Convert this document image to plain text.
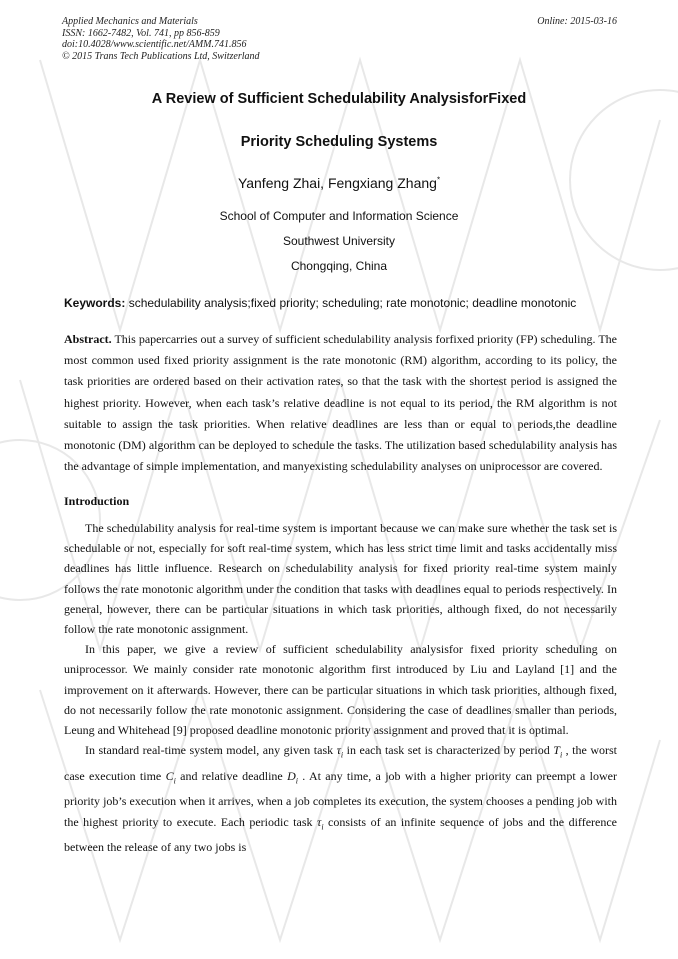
Applied Mechanics and Materials
ISSN: 1662-7482, Vol. 741, pp 856-859
doi:10.4028/www.scientific.net/AMM.741.856
© 2015 Trans Tech Publications Ltd, Switzerland
Online: 2015-03-16
A Review of Sufficient Schedulability AnalysisforFixed
Priority Scheduling Systems
Yanfeng Zhai, Fengxiang Zhang*
School of Computer and Information Science
Southwest University
Chongqing, China
Keywords: schedulability analysis;fixed priority; scheduling; rate monotonic; deadline monotonic
Abstract. This papercarries out a survey of sufficient schedulability analysis forfixed priority (FP) scheduling. The most common used fixed priority assignment is the rate monotonic (RM) algorithm, according to its policy, the task priorities are ordered based on their activation rates, so that the task with the shortest period is assigned the highest priority. However, when each task’s relative deadline is not equal to its period, the RM algorithm is not suitable to assign the task priorities. When relative deadlines are less than or equal to periods,the deadline monotonic (DM) algorithm can be deployed to schedule the tasks. The utilization based schedulability analysis has the advantage of simple implementation, and manyexisting schedulability analyses on uniprocessor are covered.
Introduction

The schedulability analysis for real-time system is important because we can make sure whether the task set is schedulable or not, especially for soft real-time system, which has less strict time limit and tasks accidentally miss deadlines has little influence. Research on schedulability analysis for fixed priority real-time system mainly follows the rate monotonic algorithm under the condition that tasks with deadlines equal to periods respectively. In general, however, there can be particular situations in which task priorities, although fixed, do not necessarily follow the rate monotonic assignment.

In this paper, we give a review of sufficient schedulability analysisfor fixed priority scheduling on uniprocessor. We mainly consider rate monotonic algorithm first introduced by Liu and Layland [1] and the improvement on it afterwards. However, there can be particular situations in which task priorities, although fixed, do not necessarily follow the rate monotonic assignment. Considering the case of deadlines smaller than periods, Leung and Whitehead [9] proposed deadline monotonic priority assignment and proved that it is optimal.

In standard real-time system model, any given task $\tau_i$ in each task set is characterized by period $T_i$ , the worst case execution time $C_i$ and relative deadline $D_i$ . At any time, a job with a higher priority can preempt a lower priority job’s execution when it arrives, when a job completes its execution, the system chooses a pending job with the highest priority to execute. Each periodic task $\tau_i$ consists of an infinite sequence of jobs and the difference between the release of any two jobs is
